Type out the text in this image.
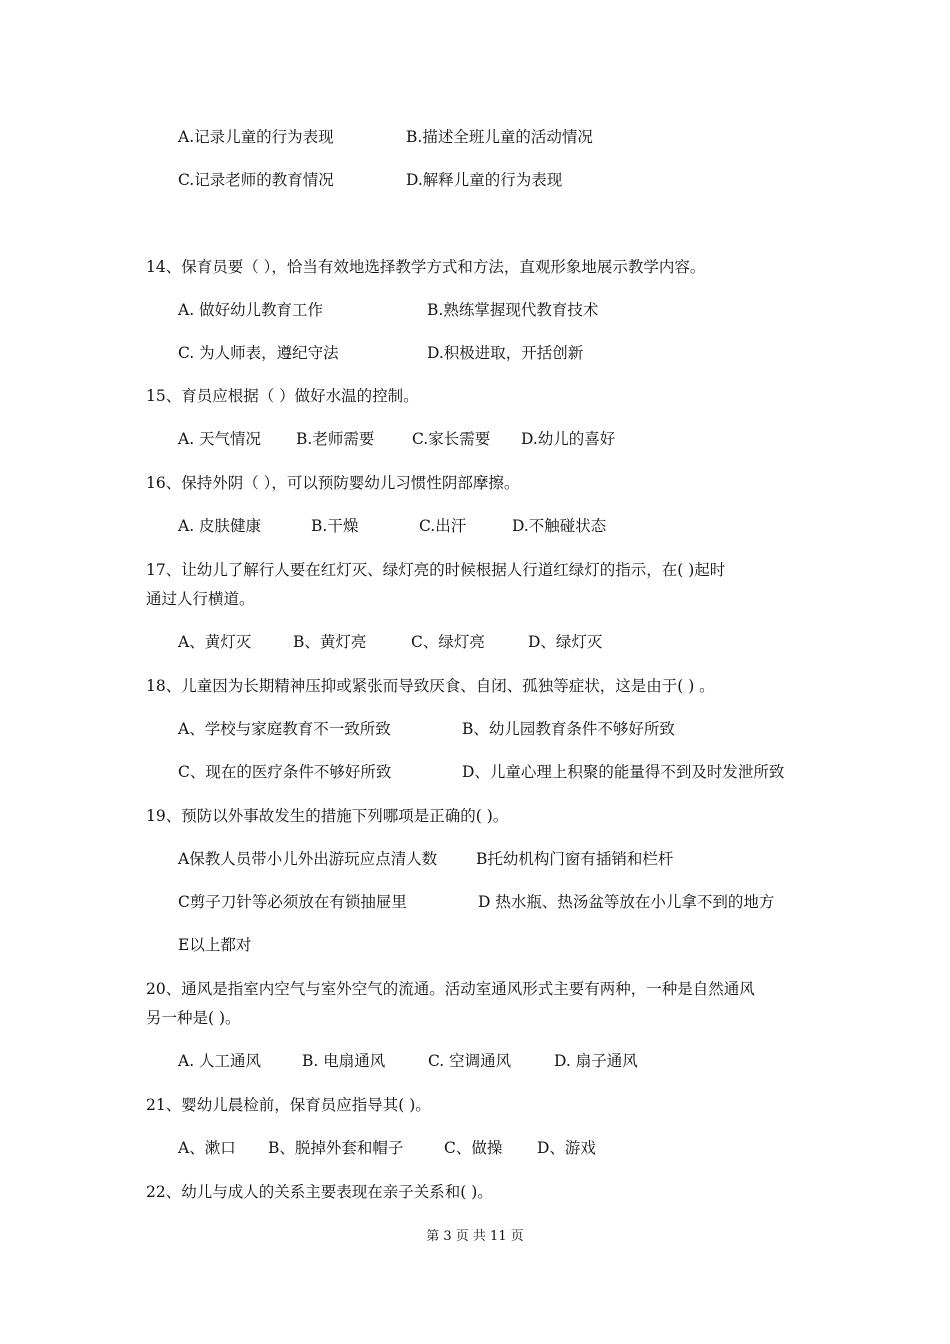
A.记录儿童的行为表现	B.描述全班儿童的活动情况
C.记录老师的教育情况	D.解释儿童的行为表现
14、保育员要（ ），恰当有效地选择教学方式和方法，直观形象地展示教学内容。
A. 做好幼儿教育工作	B.熟练掌握现代教育技术
C. 为人师表，遵纪守法	D.积极进取，开括创新
15、育员应根据（ ）做好水温的控制。
A. 天气情况 B.老师需要 C.家长需要 D.幼儿的喜好
16、保持外阴（ ），可以预防婴幼儿习惯性阴部摩擦。
A. 皮肤健康	B.干燥	C.出汗	D.不触碰状态
17、让幼儿了解行人要在红灯灭、绿灯亮的时候根据人行道红绿灯的指示，在( )起时
通过人行横道。
A、黄灯灭	B、黄灯亮	C、绿灯亮	D、绿灯灭
18、儿童因为长期精神压抑或紧张而导致厌食、自闭、孤独等症状，这是由于( ) 。
A、学校与家庭教育不一致所致	B、幼儿园教育条件不够好所致
C、现在的医疗条件不够好所致	D、儿童心理上积聚的能量得不到及时发泄所致
19、预防以外事故发生的措施下列哪项是正确的( )。
A保教人员带小儿外出游玩应点清人数	B托幼机构门窗有插销和栏杆
C剪子刀针等必须放在有锁抽屉里	D 热水瓶、热汤盆等放在小儿拿不到的地方
E以上都对
20、通风是指室内空气与室外空气的流通。活动室通风形式主要有两种，一种是自然通风
另一种是( )。
A. 人工通风	B. 电扇通风	C. 空调通风	D. 扇子通风
21、婴幼儿晨检前，保育员应指导其( )。
A、漱口 B、脱掉外套和帽子	C、做操 D、游戏
22、幼儿与成人的关系主要表现在亲子关系和( )。
第 3 页 共 11 页
